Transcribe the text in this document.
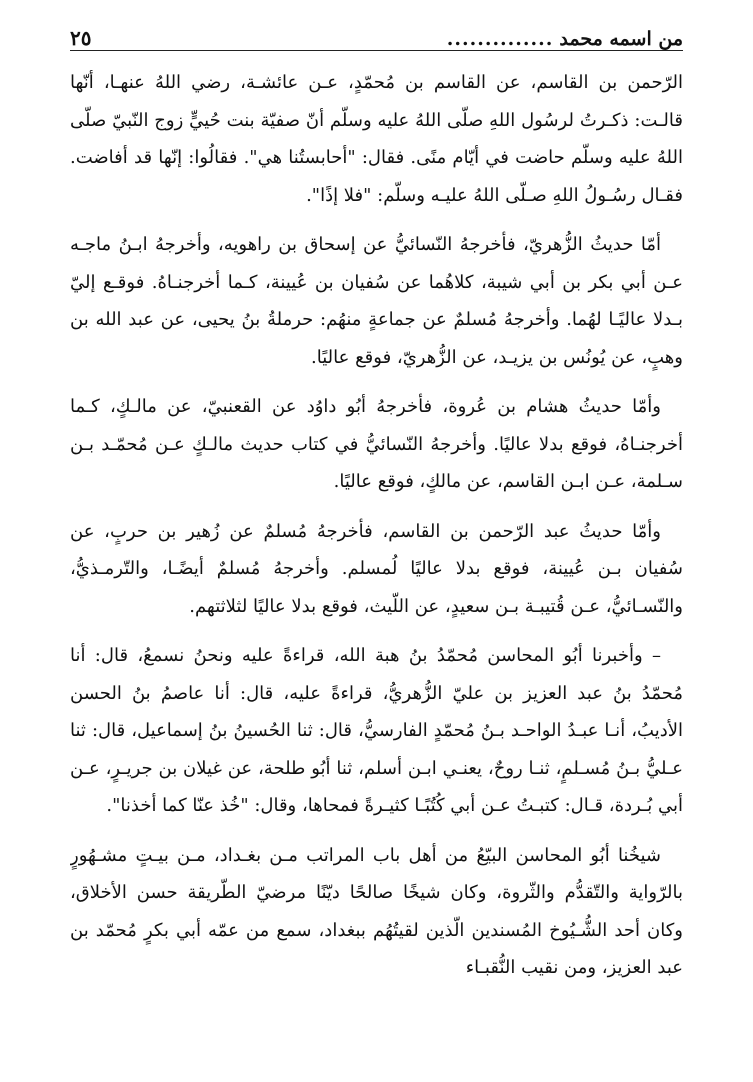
من اسمه محمد
..............
٢٥

الرّحمن بن القاسم، عن القاسم بن مُحمّدٍ، عـن عائشـة، رضي اللهُ عنهـا، أنّها قالـت: ذكـرتُ لرسُول اللهِ صلّى اللهُ عليه وسلّم أنّ صفيّة بنت حُييٍّ زوج النّبيّ صلّى اللهُ عليه وسلّم حاضت في أيّام منًى. فقال: "أحابستُنا هي". فقالُوا: إنّها قد أفاضت. فقـال رسُـولُ اللهِ صـلّى اللهُ عليـه وسلّم: "فلا إذًا".

أمّا حديثُ الزُّهريّ، فأخرجهُ النّسائيُّ عن إسحاق بن راهويه، وأخرجهُ ابـنُ ماجـه عـن أبي بكر بن أبي شيبة، كلاهُما عن سُفيان بن عُيينة، كـما أخرجنـاهُ. فوقـع إليّ بـدلا عاليًـا لهُما. وأخرجهُ مُسلمٌ عن جماعةٍ منهُم: حرملةُ بنُ يحيى، عن عبد الله بن وهبٍ، عن يُونُس بن يزيـد، عن الزُّهريّ، فوقع عاليًا.

وأمّا حديثُ هشام بن عُروة، فأخرجهُ أبُو داوُد عن القعنبيّ، عن مالـكٍ، كـما أخرجنـاهُ، فوقع بدلا عاليًا. وأخرجهُ النّسائيُّ في كتاب حديث مالـكٍ عـن مُحمّـد بـن سـلمة، عـن ابـن القاسم، عن مالكٍ، فوقع عاليًا.

وأمّا حديثُ عبد الرّحمن بن القاسم، فأخرجهُ مُسلمٌ عن زُهير بن حربٍ، عن سُفيان بـن عُيينة، فوقع بدلا عاليًا لُمسلم. وأخرجهُ مُسلمٌ أيضًـا، والتّرمـذيُّ، والنّسـائيُّ، عـن قُتيبـة بـن سعيدٍ، عن اللّيث، فوقع بدلا عاليًا لثلاثتهم.

– وأخبرنا أبُو المحاسن مُحمّدُ بنُ هبة الله، قراءةً عليه ونحنُ نسمعُ، قال: أنا مُحمّدُ بنُ عبد العزيز بن عليّ الزُّهريُّ، قراءةً عليه، قال: أنا عاصمُ بنُ الحسن الأديبُ، أنـا عبـدُ الواحـد بـنُ مُحمّدٍ الفارسيُّ، قال: ثنا الحُسينُ بنُ إسماعيل، قال: ثنا عـليُّ بـنُ مُسـلمٍ، ثنـا روحٌ، يعنـي ابـن أسلم، ثنا أبُو طلحة، عن غيلان بن جريـرٍ، عـن أبي بُـردة، قـال: كتبـتُ عـن أبي كُتُبًـا كثيـرةً فمحاها، وقال: "خُذ عنّا كما أخذنا".

شيخُنا أبُو المحاسن البيّعُ من أهل باب المراتب مـن بغـداد، مـن بيـتٍ مشـهُورٍ بالرّواية والتّقدُّم والثّروة، وكان شيخًا صالحًا ديّنًا مرضيّ الطّريقة حسن الأخلاق، وكان أحد الشُّـيُوخ المُسندين الّذين لقيتُهُم ببغداد، سمع من عمّه أبي بكرٍ مُحمّد بن عبد العزيز، ومن نقيب النُّقبـاء
